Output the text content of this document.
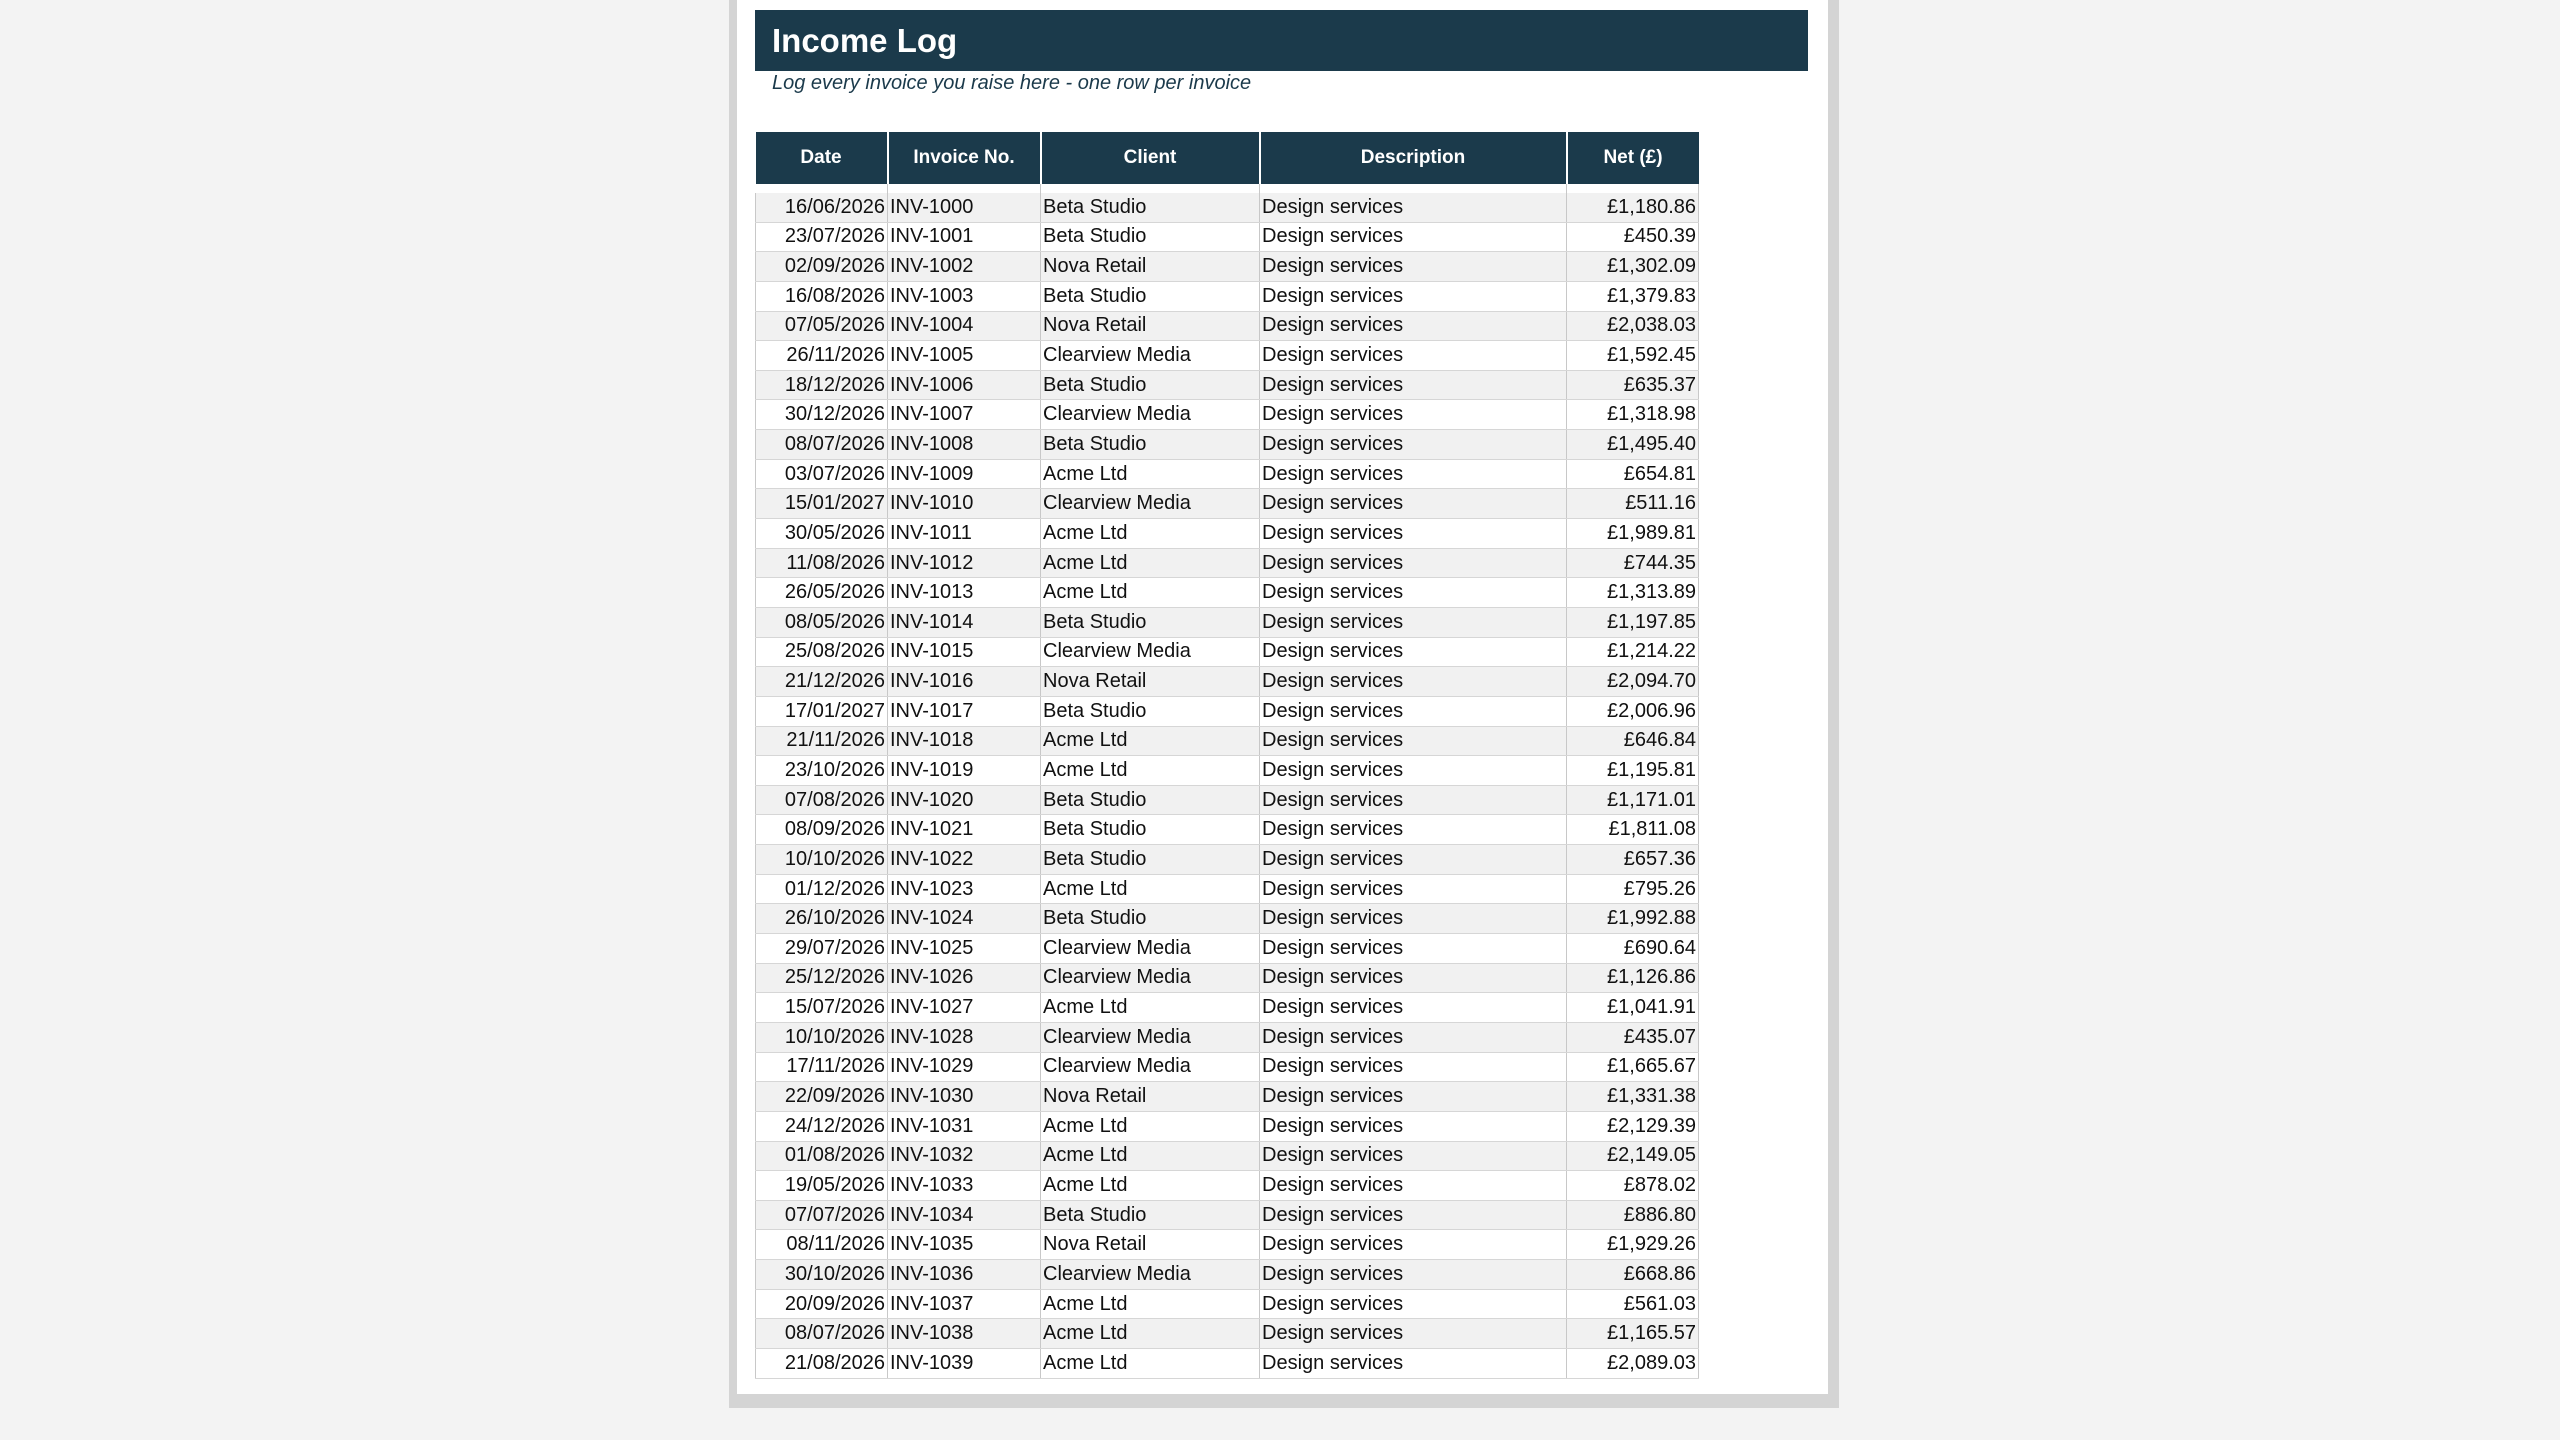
Income Log
Log every invoice you raise here - one row per invoice
Date	Invoice No.	Client	Description	Net (£)

16/06/2026	INV-1000	Beta Studio	Design services	£1,180.86
23/07/2026	INV-1001	Beta Studio	Design services	£450.39
02/09/2026	INV-1002	Nova Retail	Design services	£1,302.09
16/08/2026	INV-1003	Beta Studio	Design services	£1,379.83
07/05/2026	INV-1004	Nova Retail	Design services	£2,038.03
26/11/2026	INV-1005	Clearview Media	Design services	£1,592.45
18/12/2026	INV-1006	Beta Studio	Design services	£635.37
30/12/2026	INV-1007	Clearview Media	Design services	£1,318.98
08/07/2026	INV-1008	Beta Studio	Design services	£1,495.40
03/07/2026	INV-1009	Acme Ltd	Design services	£654.81
15/01/2027	INV-1010	Clearview Media	Design services	£511.16
30/05/2026	INV-1011	Acme Ltd	Design services	£1,989.81
11/08/2026	INV-1012	Acme Ltd	Design services	£744.35
26/05/2026	INV-1013	Acme Ltd	Design services	£1,313.89
08/05/2026	INV-1014	Beta Studio	Design services	£1,197.85
25/08/2026	INV-1015	Clearview Media	Design services	£1,214.22
21/12/2026	INV-1016	Nova Retail	Design services	£2,094.70
17/01/2027	INV-1017	Beta Studio	Design services	£2,006.96
21/11/2026	INV-1018	Acme Ltd	Design services	£646.84
23/10/2026	INV-1019	Acme Ltd	Design services	£1,195.81
07/08/2026	INV-1020	Beta Studio	Design services	£1,171.01
08/09/2026	INV-1021	Beta Studio	Design services	£1,811.08
10/10/2026	INV-1022	Beta Studio	Design services	£657.36
01/12/2026	INV-1023	Acme Ltd	Design services	£795.26
26/10/2026	INV-1024	Beta Studio	Design services	£1,992.88
29/07/2026	INV-1025	Clearview Media	Design services	£690.64
25/12/2026	INV-1026	Clearview Media	Design services	£1,126.86
15/07/2026	INV-1027	Acme Ltd	Design services	£1,041.91
10/10/2026	INV-1028	Clearview Media	Design services	£435.07
17/11/2026	INV-1029	Clearview Media	Design services	£1,665.67
22/09/2026	INV-1030	Nova Retail	Design services	£1,331.38
24/12/2026	INV-1031	Acme Ltd	Design services	£2,129.39
01/08/2026	INV-1032	Acme Ltd	Design services	£2,149.05
19/05/2026	INV-1033	Acme Ltd	Design services	£878.02
07/07/2026	INV-1034	Beta Studio	Design services	£886.80
08/11/2026	INV-1035	Nova Retail	Design services	£1,929.26
30/10/2026	INV-1036	Clearview Media	Design services	£668.86
20/09/2026	INV-1037	Acme Ltd	Design services	£561.03
08/07/2026	INV-1038	Acme Ltd	Design services	£1,165.57
21/08/2026	INV-1039	Acme Ltd	Design services	£2,089.03
